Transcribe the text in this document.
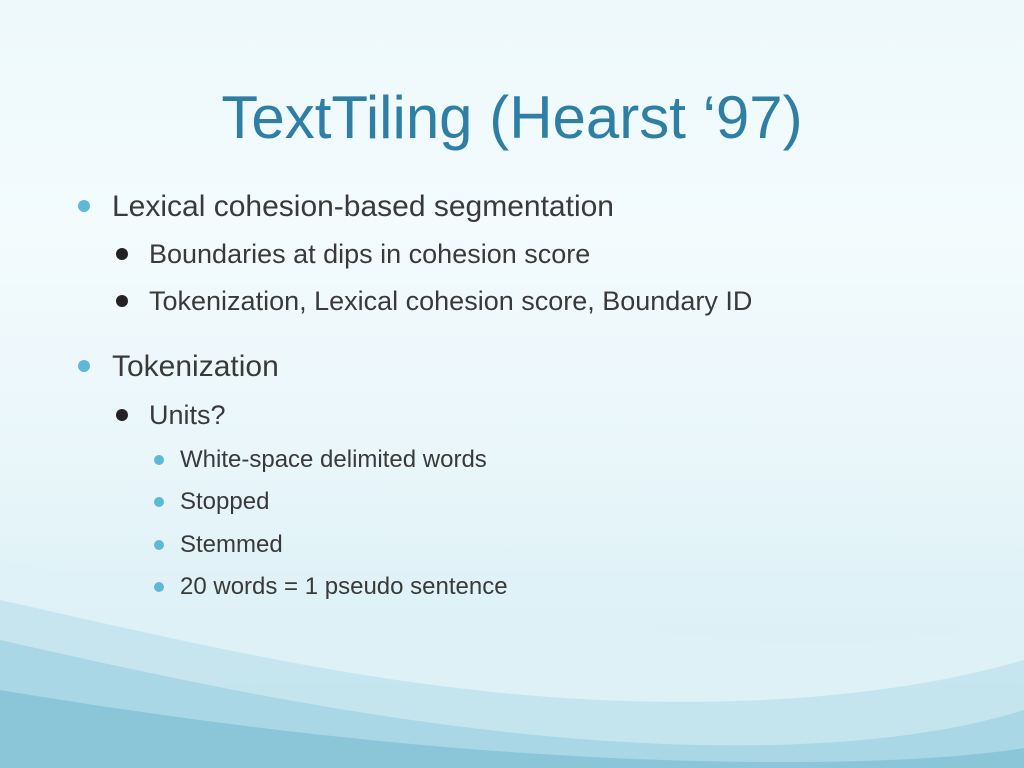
TextTiling (Hearst ‘97)
Lexical cohesion-based segmentation
Boundaries at dips in cohesion score
Tokenization, Lexical cohesion score, Boundary ID
Tokenization
Units?
White-space delimited words
Stopped
Stemmed
20 words = 1 pseudo sentence
